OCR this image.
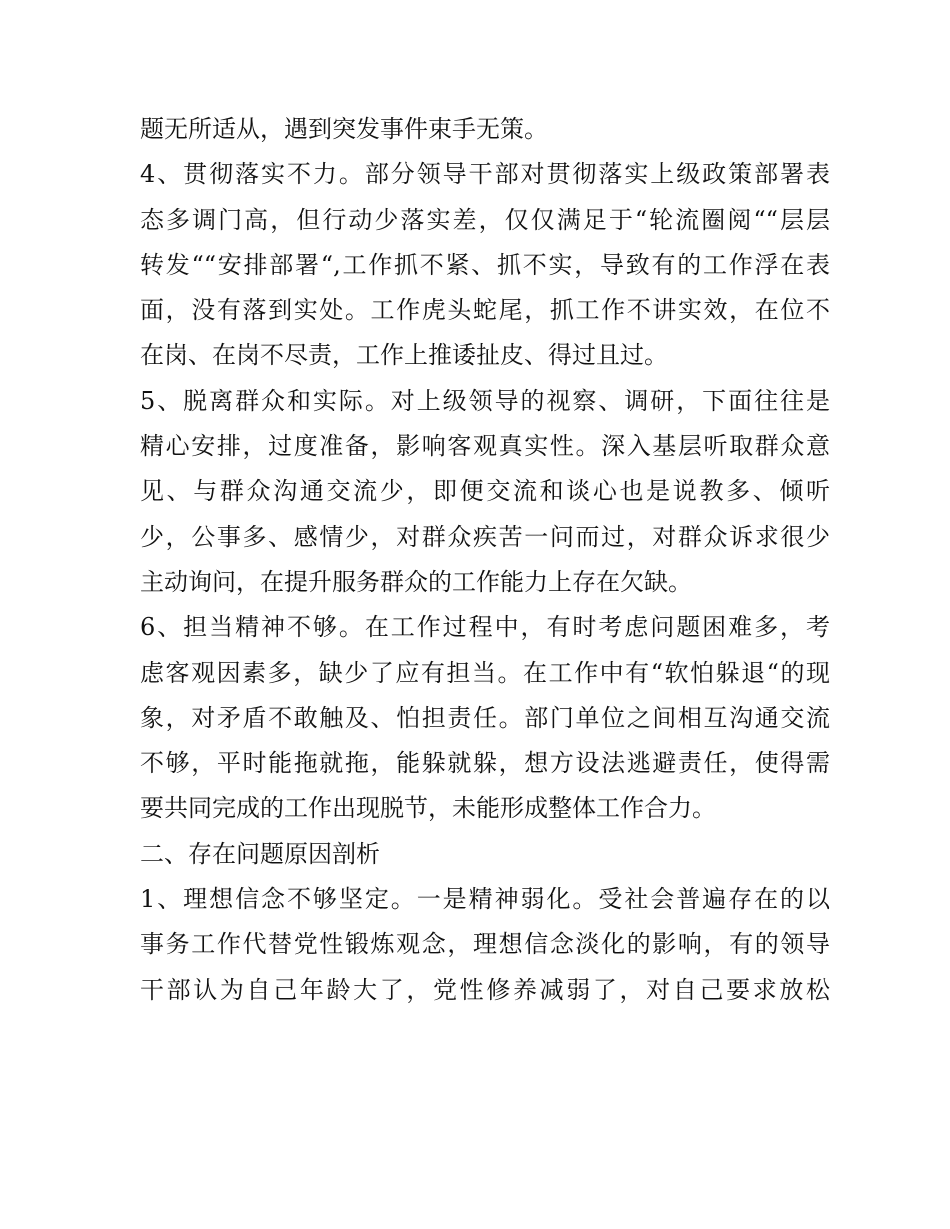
题无所适从，遇到突发事件束手无策。
4、贯彻落实不力。部分领导干部对贯彻落实上级政策部署表
态多调门高，但行动少落实差，仅仅满足于“轮流圈阅““层层
转发““安排部署“,工作抓不紧、抓不实，导致有的工作浮在表
面，没有落到实处。工作虎头蛇尾，抓工作不讲实效，在位不
在岗、在岗不尽责，工作上推诿扯皮、得过且过。
5、脱离群众和实际。对上级领导的视察、调研，下面往往是
精心安排，过度准备，影响客观真实性。深入基层听取群众意
见、与群众沟通交流少，即便交流和谈心也是说教多、倾听
少，公事多、感情少，对群众疾苦一问而过，对群众诉求很少
主动询问，在提升服务群众的工作能力上存在欠缺。
6、担当精神不够。在工作过程中，有时考虑问题困难多，考
虑客观因素多，缺少了应有担当。在工作中有“软怕躲退“的现
象，对矛盾不敢触及、怕担责任。部门单位之间相互沟通交流
不够，平时能拖就拖，能躲就躲，想方设法逃避责任，使得需
要共同完成的工作出现脱节，未能形成整体工作合力。
二、存在问题原因剖析
1、理想信念不够坚定。一是精神弱化。受社会普遍存在的以
事务工作代替党性锻炼观念，理想信念淡化的影响，有的领导
干部认为自己年龄大了，党性修养减弱了，对自己要求放松
